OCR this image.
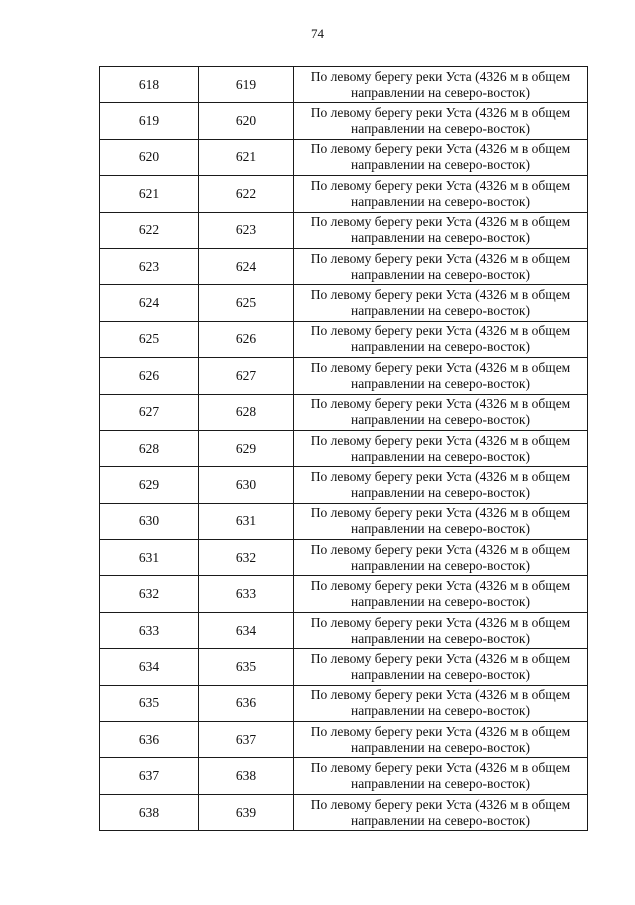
74
618	619	По левому берегу реки Уста (4326 м в общем
направлении на северо-восток)

619	620	По левому берегу реки Уста (4326 м в общем
направлении на северо-восток)

620	621	По левому берегу реки Уста (4326 м в общем
направлении на северо-восток)

621	622	По левому берегу реки Уста (4326 м в общем
направлении на северо-восток)

622	623	По левому берегу реки Уста (4326 м в общем
направлении на северо-восток)

623	624	По левому берегу реки Уста (4326 м в общем
направлении на северо-восток)

624	625	По левому берегу реки Уста (4326 м в общем
направлении на северо-восток)

625	626	По левому берегу реки Уста (4326 м в общем
направлении на северо-восток)

626	627	По левому берегу реки Уста (4326 м в общем
направлении на северо-восток)

627	628	По левому берегу реки Уста (4326 м в общем
направлении на северо-восток)

628	629	По левому берегу реки Уста (4326 м в общем
направлении на северо-восток)

629	630	По левому берегу реки Уста (4326 м в общем
направлении на северо-восток)

630	631	По левому берегу реки Уста (4326 м в общем
направлении на северо-восток)

631	632	По левому берегу реки Уста (4326 м в общем
направлении на северо-восток)

632	633	По левому берегу реки Уста (4326 м в общем
направлении на северо-восток)

633	634	По левому берегу реки Уста (4326 м в общем
направлении на северо-восток)

634	635	По левому берегу реки Уста (4326 м в общем
направлении на северо-восток)

635	636	По левому берегу реки Уста (4326 м в общем
направлении на северо-восток)

636	637	По левому берегу реки Уста (4326 м в общем
направлении на северо-восток)

637	638	По левому берегу реки Уста (4326 м в общем
направлении на северо-восток)

638	639	По левому берегу реки Уста (4326 м в общем
направлении на северо-восток)
